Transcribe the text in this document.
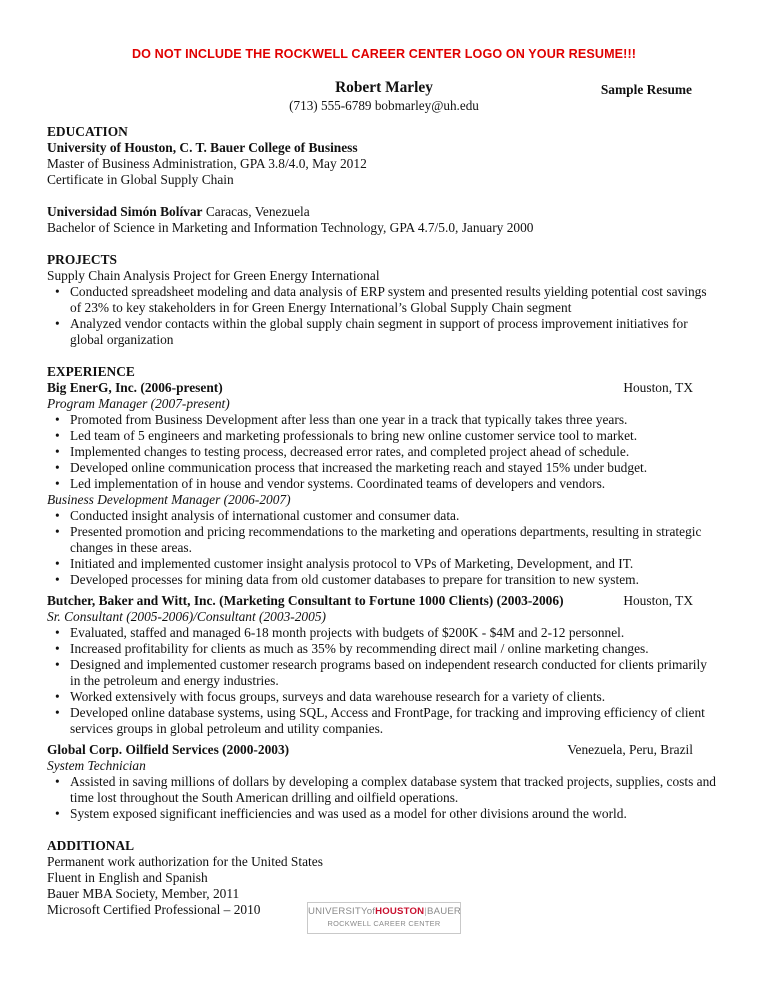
DO NOT INCLUDE THE ROCKWELL CAREER CENTER LOGO ON YOUR RESUME!!!
Robert Marley	Sample Resume
(713) 555-6789 bobmarley@uh.edu
EDUCATION
University of Houston, C. T. Bauer College of Business
Master of Business Administration, GPA 3.8/4.0, May 2012
Certificate in Global Supply Chain
Universidad Simón Bolívar Caracas, Venezuela
Bachelor of Science in Marketing and Information Technology, GPA 4.7/5.0, January 2000
PROJECTS
Supply Chain Analysis Project for Green Energy International
• Conducted spreadsheet modeling and data analysis of ERP system and presented results yielding potential cost savings of 23% to key stakeholders in for Green Energy International’s Global Supply Chain segment
• Analyzed vendor contacts within the global supply chain segment in support of process improvement initiatives for global organization
EXPERIENCE
Big EnerG, Inc. (2006-present)	Houston, TX
Program Manager (2007-present)
• Promoted from Business Development after less than one year in a track that typically takes three years.
• Led team of 5 engineers and marketing professionals to bring new online customer service tool to market.
• Implemented changes to testing process, decreased error rates, and completed project ahead of schedule.
• Developed online communication process that increased the marketing reach and stayed 15% under budget.
• Led implementation of in house and vendor systems. Coordinated teams of developers and vendors.
Business Development Manager (2006-2007)
• Conducted insight analysis of international customer and consumer data.
• Presented promotion and pricing recommendations to the marketing and operations departments, resulting in strategic changes in these areas.
• Initiated and implemented customer insight analysis protocol to VPs of Marketing, Development, and IT.
• Developed processes for mining data from old customer databases to prepare for transition to new system.
Butcher, Baker and Witt, Inc. (Marketing Consultant to Fortune 1000 Clients) (2003-2006)	Houston, TX
Sr. Consultant (2005-2006)/Consultant (2003-2005)
• Evaluated, staffed and managed 6-18 month projects with budgets of $200K - $4M and 2-12 personnel.
• Increased profitability for clients as much as 35% by recommending direct mail / online marketing changes.
• Designed and implemented customer research programs based on independent research conducted for clients primarily in the petroleum and energy industries.
• Worked extensively with focus groups, surveys and data warehouse research for a variety of clients.
• Developed online database systems, using SQL, Access and FrontPage, for tracking and improving efficiency of client services groups in global petroleum and utility companies.
Global Corp. Oilfield Services (2000-2003)	Venezuela, Peru, Brazil
System Technician
• Assisted in saving millions of dollars by developing a complex database system that tracked projects, supplies, costs and time lost throughout the South American drilling and oilfield operations.
• System exposed significant inefficiencies and was used as a model for other divisions around the world.
ADDITIONAL
Permanent work authorization for the United States
Fluent in English and Spanish
Bauer MBA Society, Member, 2011
Microsoft Certified Professional – 2010	UNIVERSITYofHOUSTON|BAUER
ROCKWELL CAREER CENTER
